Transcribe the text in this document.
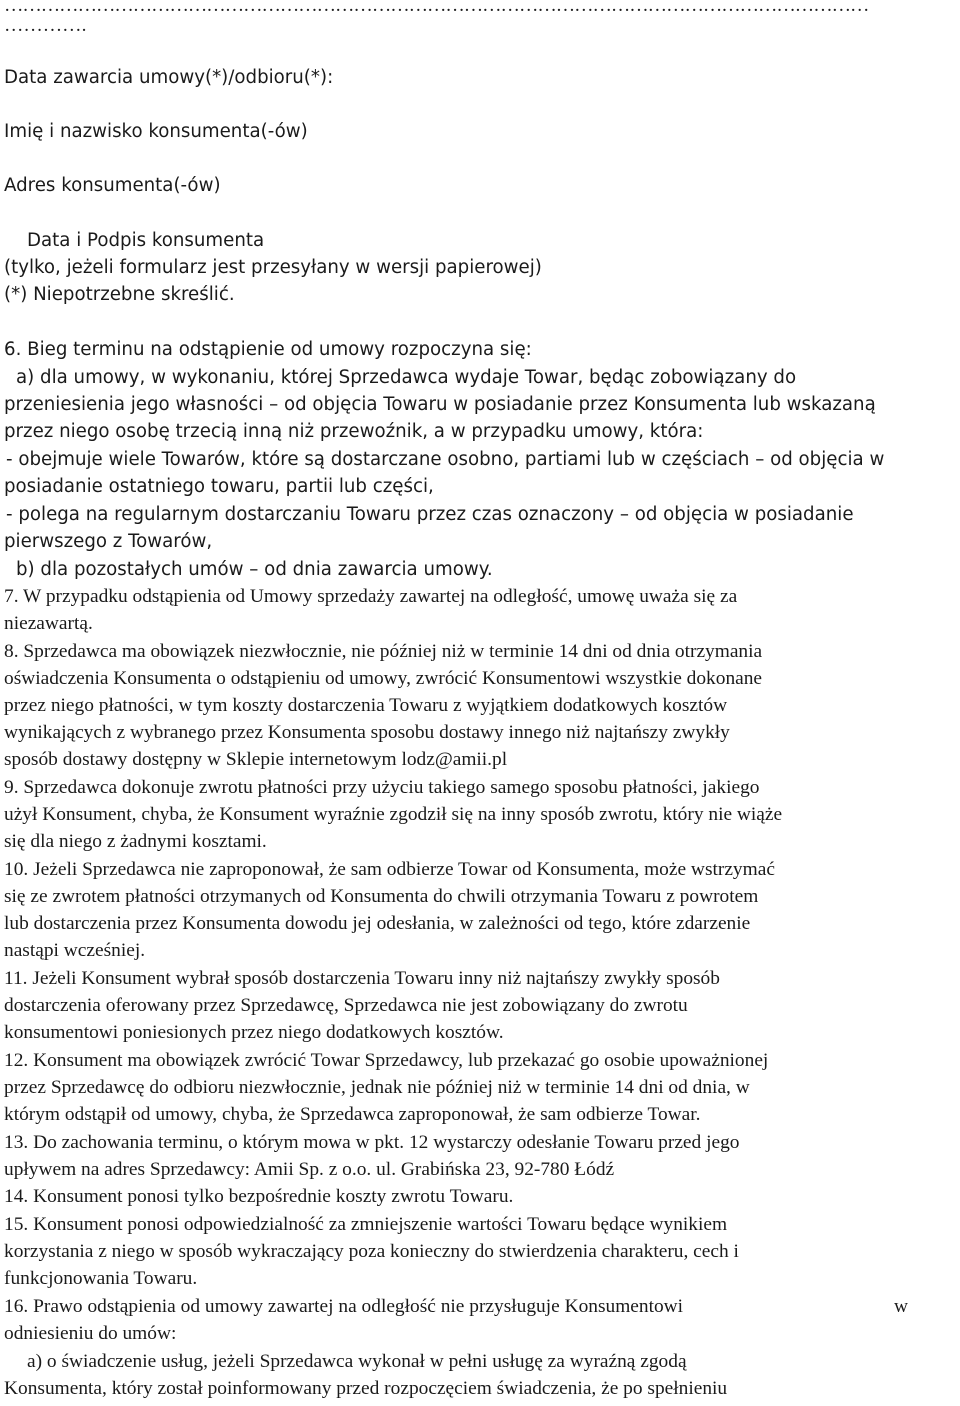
……………………………………………………………………………………………………………………………
………….
Data zawarcia umowy(*)/odbioru(*):
Imię i nazwisko konsumenta(-ów)
Adres konsumenta(-ów)
Data i Podpis konsumenta
(tylko, jeżeli formularz jest przesyłany w wersji papierowej)
(*) Niepotrzebne skreślić.
6. Bieg terminu na odstąpienie od umowy rozpoczyna się:
a) dla umowy, w wykonaniu, której Sprzedawca wydaje Towar, będąc zobowiązany do
przeniesienia jego własności – od objęcia Towaru w posiadanie przez Konsumenta lub wskazaną
przez niego osobę trzecią inną niż przewoźnik, a w przypadku umowy, która:
- obejmuje wiele Towarów, które są dostarczane osobno, partiami lub w częściach – od objęcia w
posiadanie ostatniego towaru, partii lub części,
- polega na regularnym dostarczaniu Towaru przez czas oznaczony – od objęcia w posiadanie
pierwszego z Towarów,
b) dla pozostałych umów – od dnia zawarcia umowy.
7. W przypadku odstąpienia od Umowy sprzedaży zawartej na odległość, umowę uważa się za
niezawartą.
8. Sprzedawca ma obowiązek niezwłocznie, nie później niż w terminie 14 dni od dnia otrzymania
oświadczenia Konsumenta o odstąpieniu od umowy, zwrócić Konsumentowi wszystkie dokonane
przez niego płatności, w tym koszty dostarczenia Towaru z wyjątkiem dodatkowych kosztów
wynikających z wybranego przez Konsumenta sposobu dostawy innego niż najtańszy zwykły
sposób dostawy dostępny w Sklepie internetowym lodz@amii.pl
9. Sprzedawca dokonuje zwrotu płatności przy użyciu takiego samego sposobu płatności, jakiego
użył Konsument, chyba, że Konsument wyraźnie zgodził się na inny sposób zwrotu, który nie wiąże
się dla niego z żadnymi kosztami.
10. Jeżeli Sprzedawca nie zaproponował, że sam odbierze Towar od Konsumenta, może wstrzymać
się ze zwrotem płatności otrzymanych od Konsumenta do chwili otrzymania Towaru z powrotem
lub dostarczenia przez Konsumenta dowodu jej odesłania, w zależności od tego, które zdarzenie
nastąpi wcześniej.
11. Jeżeli Konsument wybrał sposób dostarczenia Towaru inny niż najtańszy zwykły sposób
dostarczenia oferowany przez Sprzedawcę, Sprzedawca nie jest zobowiązany do zwrotu
konsumentowi poniesionych przez niego dodatkowych kosztów.
12. Konsument ma obowiązek zwrócić Towar Sprzedawcy, lub przekazać go osobie upoważnionej
przez Sprzedawcę do odbioru niezwłocznie, jednak nie później niż w terminie 14 dni od dnia, w
którym odstąpił od umowy, chyba, że Sprzedawca zaproponował, że sam odbierze Towar.
13. Do zachowania terminu, o którym mowa w pkt. 12 wystarczy odesłanie Towaru przed jego
upływem na adres Sprzedawcy: Amii Sp. z o.o. ul. Grabińska 23, 92-780 Łódź
14. Konsument ponosi tylko bezpośrednie koszty zwrotu Towaru.
15. Konsument ponosi odpowiedzialność za zmniejszenie wartości Towaru będące wynikiem
korzystania z niego w sposób wykraczający poza konieczny do stwierdzenia charakteru, cech i
funkcjonowania Towaru.
16. Prawo odstąpienia od umowy zawartej na odległość nie przysługuje Konsumentowi	w
odniesieniu do umów:
a) o świadczenie usług, jeżeli Sprzedawca wykonał w pełni usługę za wyraźną zgodą
Konsumenta, który został poinformowany przed rozpoczęciem świadczenia, że po spełnieniu
